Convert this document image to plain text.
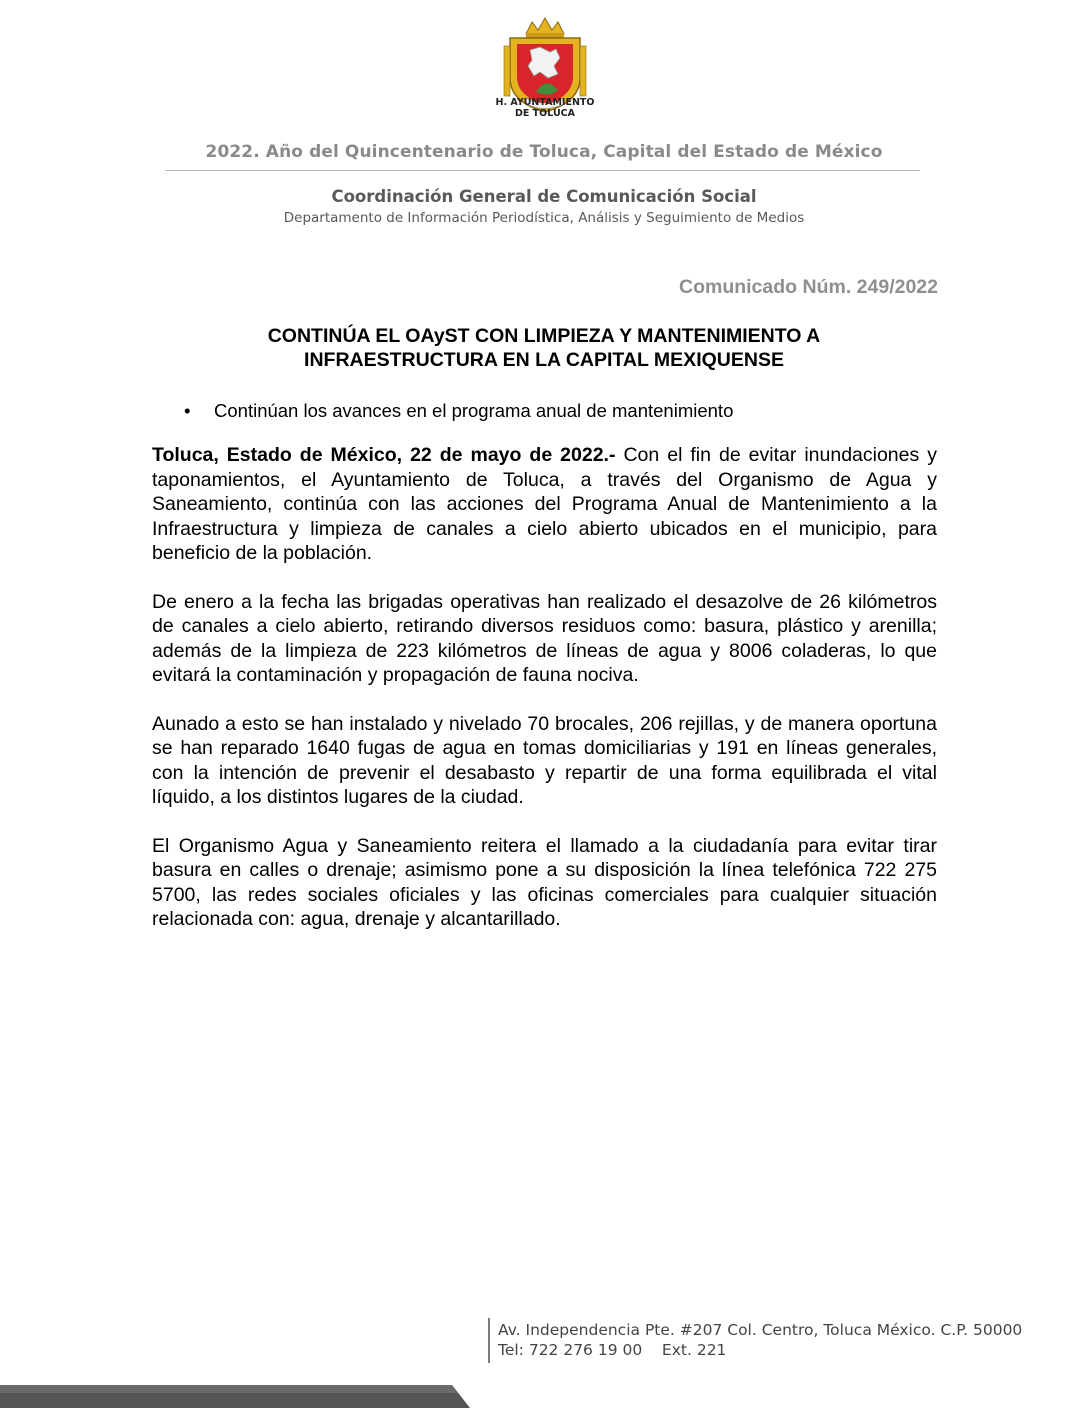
H. AYUNTAMIENTO
DE TOLUCA
2022. Año del Quincentenario de Toluca, Capital del Estado de México
Coordinación General de Comunicación Social
Departamento de Información Periodística, Análisis y Seguimiento de Medios
Comunicado Núm. 249/2022
CONTINÚA EL OAySТ CON LIMPIEZA Y MANTENIMIENTO A
INFRAESTRUCTURA EN LA CAPITAL MEXIQUENSE
• Continúan los avances en el programa anual de mantenimiento

Toluca, Estado de México, 22 de mayo de 2022.- Con el fin de evitar inundaciones y taponamientos, el Ayuntamiento de Toluca, a través del Organismo de Agua y Saneamiento, continúa con las acciones del Programa Anual de Mantenimiento a la Infraestructura y limpieza de canales a cielo abierto ubicados en el municipio, para beneficio de la población.

De enero a la fecha las brigadas operativas han realizado el desazolve de 26 kilómetros de canales a cielo abierto, retirando diversos residuos como: basura, plástico y arenilla; además de la limpieza de 223 kilómetros de líneas de agua y 8006 coladeras, lo que evitará la contaminación y propagación de fauna nociva.

Aunado a esto se han instalado y nivelado 70 brocales, 206 rejillas, y de manera oportuna se han reparado 1640 fugas de agua en tomas domiciliarias y 191 en líneas generales, con la intención de prevenir el desabasto y repartir de una forma equilibrada el vital líquido, a los distintos lugares de la ciudad.

El Organismo Agua y Saneamiento reitera el llamado a la ciudadanía para evitar tirar basura en calles o drenaje; asimismo pone a su disposición la línea telefónica 722 275 5700, las redes sociales oficiales y las oficinas comerciales para cualquier situación relacionada con: agua, drenaje y alcantarillado.

Av. Independencia Pte. #207 Col. Centro, Toluca México. C.P. 50000
Tel: 722 276 19 00    Ext. 221
